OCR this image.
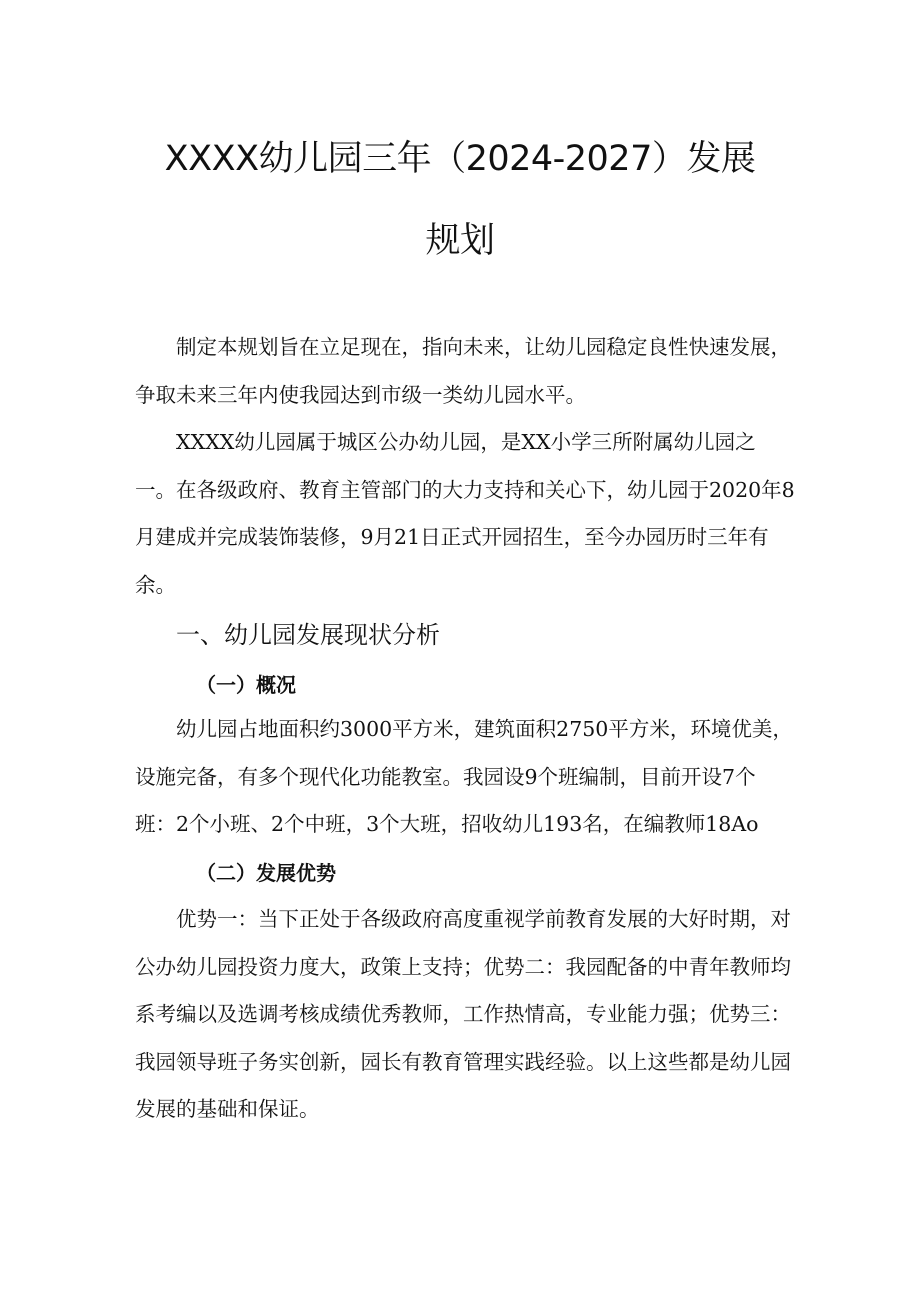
XXXX幼儿园三年（2024-2027）发展
规划

制定本规划旨在立足现在，指向未来，让幼儿园稳定良性快速发展，争取未来三年内使我园达到市级一类幼儿园水平。

XXXX幼儿园属于城区公办幼儿园，是XX小学三所附属幼儿园之一。在各级政府、教育主管部门的大力支持和关心下，幼儿园于2020年8月建成并完成装饰装修，9月21日正式开园招生，至今办园历时三年有余。

一、幼儿园发展现状分析
（一）概况

幼儿园占地面积约3000平方米，建筑面积2750平方米，环境优美，设施完备，有多个现代化功能教室。我园设9个班编制，目前开设7个班：2个小班、2个中班，3个大班，招收幼儿193名，在编教师18Ao

（二）发展优势

优势一：当下正处于各级政府高度重视学前教育发展的大好时期，对公办幼儿园投资力度大，政策上支持；优势二：我园配备的中青年教师均系考编以及选调考核成绩优秀教师，工作热情高，专业能力强；优势三：我园领导班子务实创新，园长有教育管理实践经验。以上这些都是幼儿园发展的基础和保证。
